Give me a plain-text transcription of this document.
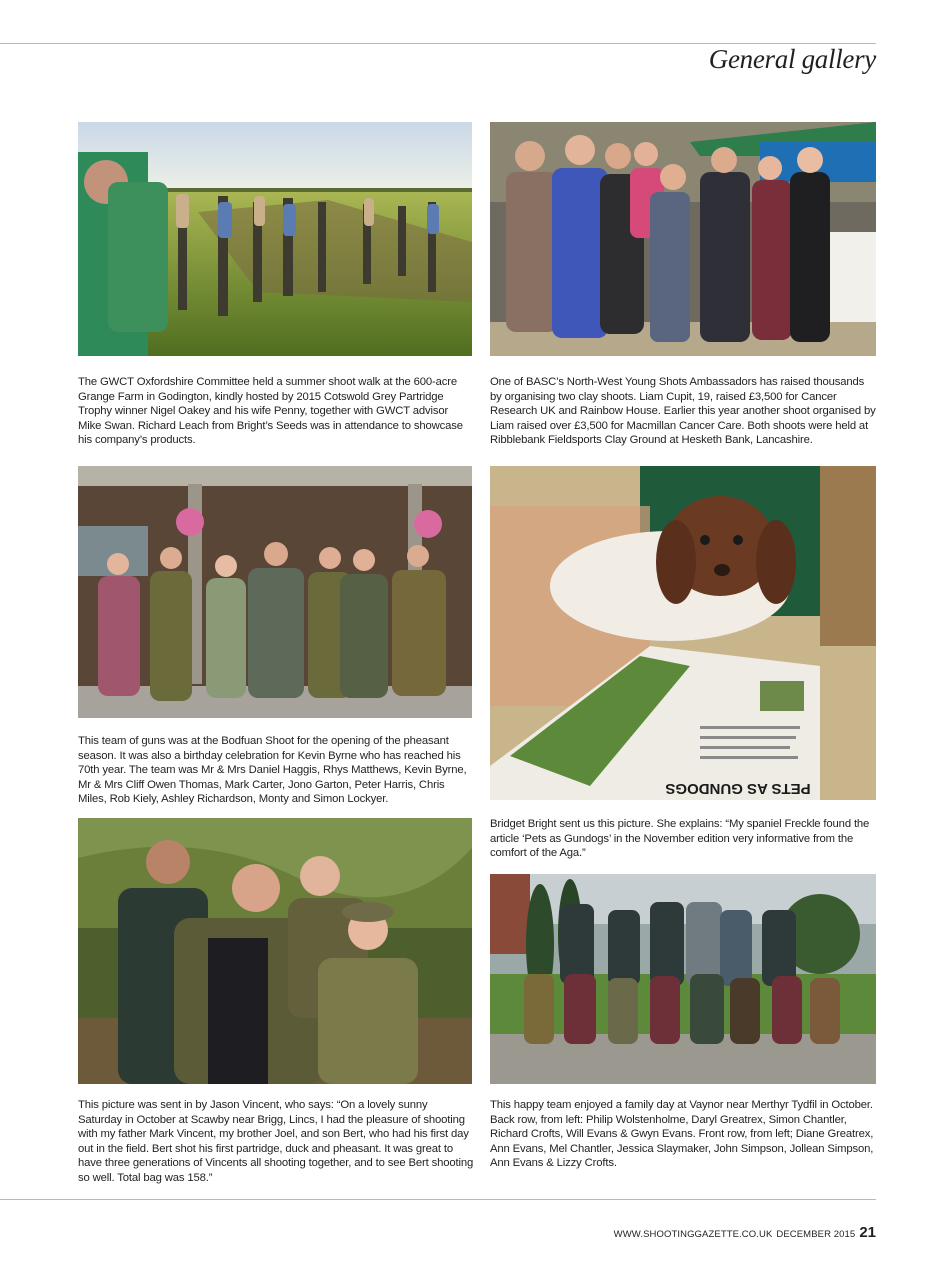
General gallery

The GWCT Oxfordshire Committee held a summer shoot walk at the 600-acre Grange Farm in Godington, kindly hosted by 2015 Cotswold Grey Partridge Trophy winner Nigel Oakey and his wife Penny, together with GWCT advisor Mike Swan. Richard Leach from Bright’s Seeds was in attendance to showcase his company’s products.

One of BASC’s North-West Young Shots Ambassadors has raised thousands by organising two clay shoots. Liam Cupit, 19, raised £3,500 for Cancer Research UK and Rainbow House. Earlier this year another shoot organised by Liam raised over £3,500 for Macmillan Cancer Care. Both shoots were held at Ribblebank Fieldsports Clay Ground at Hesketh Bank, Lancashire.

This team of guns was at the Bodfuan Shoot for the opening of the pheasant season. It was also a birthday celebration for Kevin Byrne who has reached his 70th year. The team was Mr & Mrs Daniel Haggis, Rhys Matthews, Kevin Byrne, Mr & Mrs Cliff Owen Thomas, Mark Carter, Jono Garton, Peter Harris, Chris Miles, Rob Kiely, Ashley Richardson, Monty and Simon Lockyer.

PETS AS GUNDOGS

Bridget Bright sent us this picture. She explains: “My spaniel Freckle found the article ‘Pets as Gundogs’ in the November edition very informative from the comfort of the Aga.”

This picture was sent in by Jason Vincent, who says: “On a lovely sunny Saturday in October at Scawby near Brigg, Lincs, I had the pleasure of shooting with my father Mark Vincent, my brother Joel, and son Bert, who had his first day out in the field. Bert shot his first partridge, duck and pheasant. It was great to have three generations of Vincents all shooting together, and to see Bert shooting so well. Total bag was 158.”

This happy team enjoyed a family day at Vaynor near Merthyr Tydfil in October. Back row, from left: Philip Wolstenholme, Daryl Greatrex, Simon Chantler, Richard Crofts, Will Evans & Gwyn Evans. Front row, from left; Diane Greatrex, Ann Evans, Mel Chantler, Jessica Slaymaker, John Simpson, Jollean Simpson, Ann Evans & Lizzy Crofts.

WWW.SHOOTINGGAZETTE.CO.UK DECEMBER 2015 21
